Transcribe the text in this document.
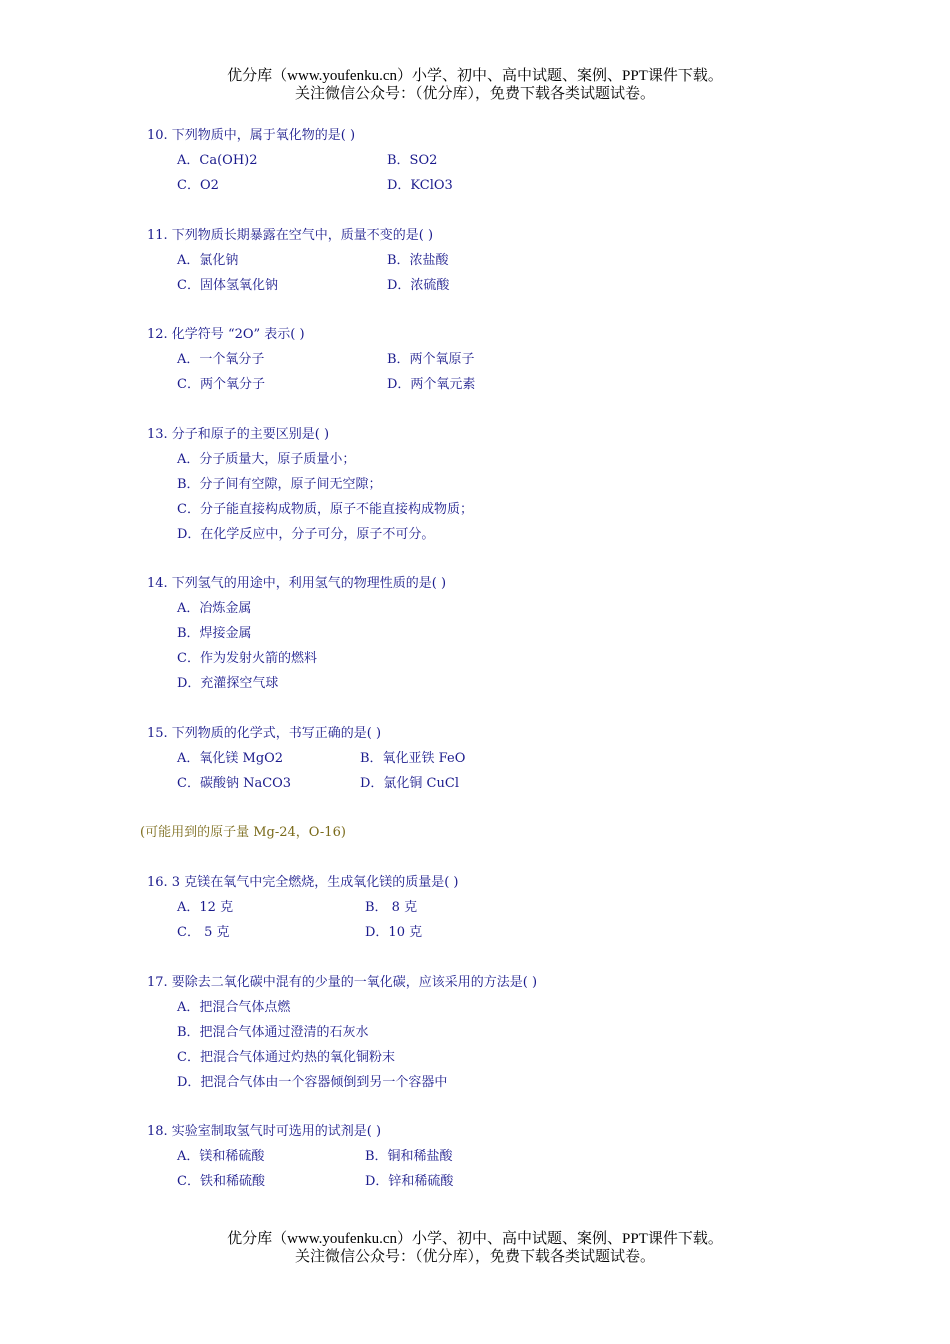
优分库（www.youfenku.cn）小学、初中、高中试题、案例、PPT课件下载。
关注微信公众号：（优分库），免费下载各类试题试卷。
10. 下列物质中，属于氧化物的是( )
A．Ca(OH)2	B．SO2
C．O2	D．KClO3
11. 下列物质长期暴露在空气中，质量不变的是( )
A．氯化钠	B．浓盐酸
C．固体氢氧化钠	D．浓硫酸
12. 化学符号 “2O” 表示( )
A．一个氧分子	B．两个氧原子
C．两个氧分子	D．两个氧元素
13. 分子和原子的主要区别是( )
A．分子质量大，原子质量小；
B．分子间有空隙，原子间无空隙；
C．分子能直接构成物质，原子不能直接构成物质；
D．在化学反应中，分子可分，原子不可分。
14. 下列氢气的用途中，利用氢气的物理性质的是( )
A．冶炼金属
B．焊接金属
C．作为发射火箭的燃料
D．充灌探空气球
15. 下列物质的化学式，书写正确的是( )
A．氧化镁 MgO2	B．氧化亚铁 FeO
C．碳酸钠 NaCO3	D．氯化铜 CuCl
(可能用到的原子量 Mg-24，O-16)
16. 3 克镁在氧气中完全燃烧，生成氧化镁的质量是( )
A．12 克	B． 8 克
C． 5 克	D．10 克
17. 要除去二氧化碳中混有的少量的一氧化碳，应该采用的方法是( )
A．把混合气体点燃
B．把混合气体通过澄清的石灰水
C．把混合气体通过灼热的氧化铜粉末
D．把混合气体由一个容器倾倒到另一个容器中
18. 实验室制取氢气时可选用的试剂是( )
A．镁和稀硫酸	B．铜和稀盐酸
C．铁和稀硫酸	D．锌和稀硫酸
优分库（www.youfenku.cn）小学、初中、高中试题、案例、PPT课件下载。
关注微信公众号：（优分库），免费下载各类试题试卷。
